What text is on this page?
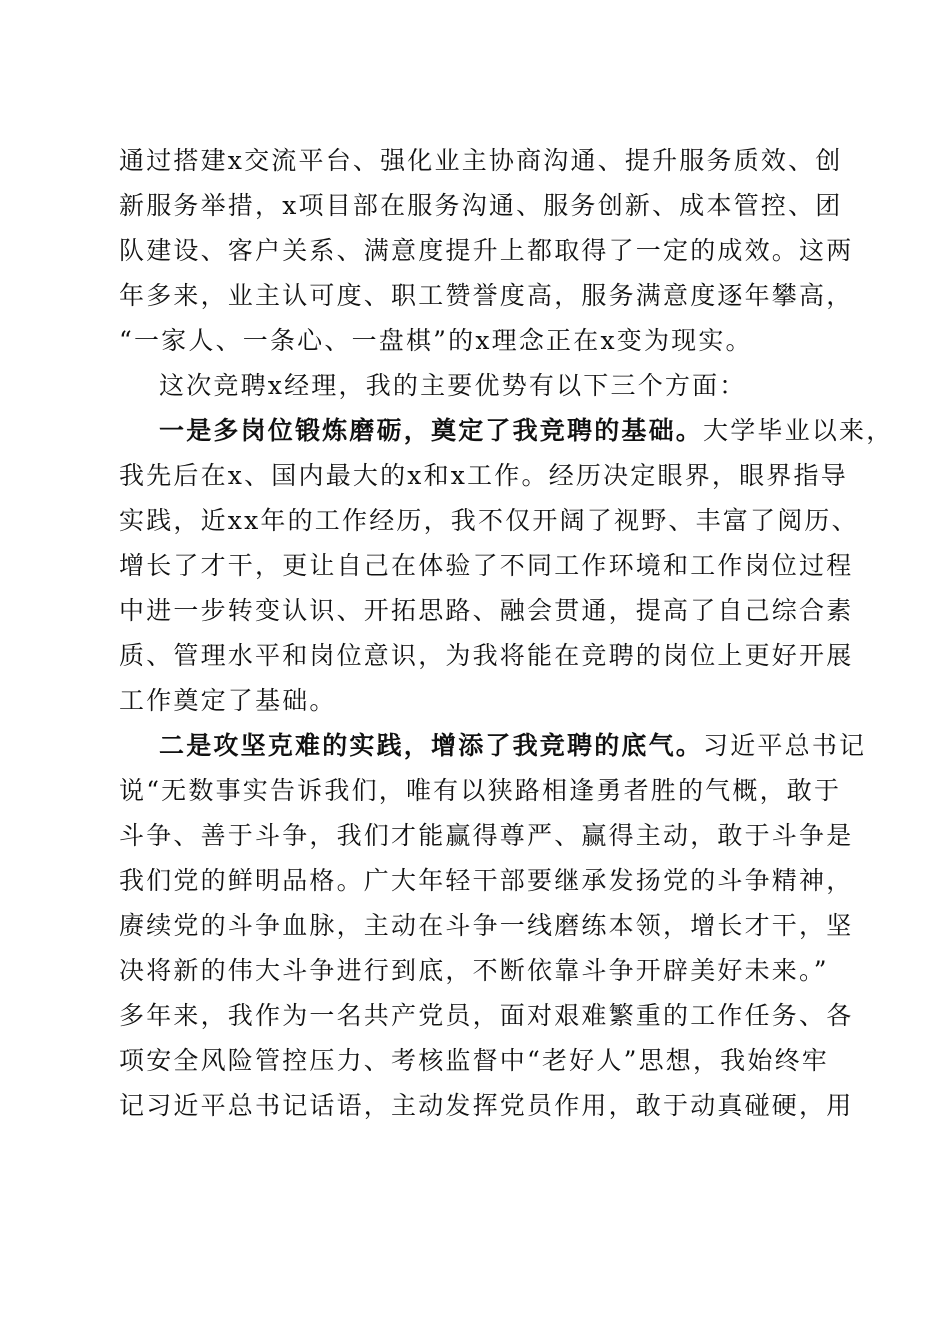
通过搭建x交流平台、强化业主协商沟通、提升服务质效、创
新服务举措，x项目部在服务沟通、服务创新、成本管控、团
队建设、客户关系、满意度提升上都取得了一定的成效。这两
年多来，业主认可度、职工赞誉度高，服务满意度逐年攀高，
“一家人、一条心、一盘棋”的x理念正在x变为现实。
这次竞聘x经理，我的主要优势有以下三个方面：
一是多岗位锻炼磨砺，奠定了我竞聘的基础。大学毕业以来，
我先后在x、国内最大的x和x工作。经历决定眼界，眼界指导
实践，近xx年的工作经历，我不仅开阔了视野、丰富了阅历、
增长了才干，更让自己在体验了不同工作环境和工作岗位过程
中进一步转变认识、开拓思路、融会贯通，提高了自己综合素
质、管理水平和岗位意识，为我将能在竞聘的岗位上更好开展
工作奠定了基础。
二是攻坚克难的实践，增添了我竞聘的底气。习近平总书记
说“无数事实告诉我们，唯有以狭路相逢勇者胜的气概，敢于
斗争、善于斗争，我们才能赢得尊严、赢得主动，敢于斗争是
我们党的鲜明品格。广大年轻干部要继承发扬党的斗争精神，
赓续党的斗争血脉，主动在斗争一线磨练本领，增长才干，坚
决将新的伟大斗争进行到底，不断依靠斗争开辟美好未来。”
多年来，我作为一名共产党员，面对艰难繁重的工作任务、各
项安全风险管控压力、考核监督中“老好人”思想，我始终牢
记习近平总书记话语，主动发挥党员作用，敢于动真碰硬，用
